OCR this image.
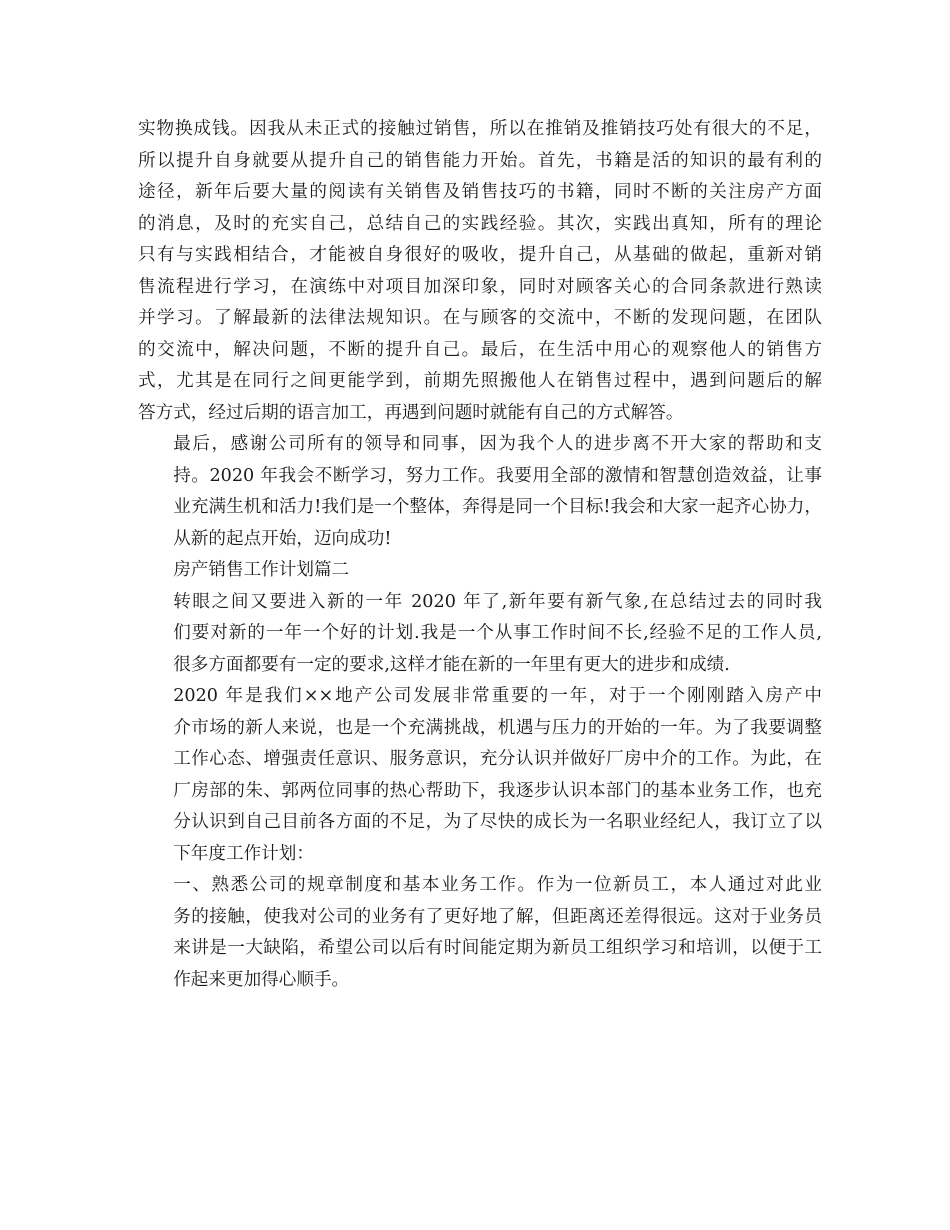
实物换成钱。因我从未正式的接触过销售，所以在推销及推销技巧处有很大的不足，
所以提升自身就要从提升自己的销售能力开始。首先，书籍是活的知识的最有利的
途径，新年后要大量的阅读有关销售及销售技巧的书籍，同时不断的关注房产方面
的消息，及时的充实自己，总结自己的实践经验。其次，实践出真知，所有的理论
只有与实践相结合，才能被自身很好的吸收，提升自己，从基础的做起，重新对销
售流程进行学习，在演练中对项目加深印象，同时对顾客关心的合同条款进行熟读
并学习。了解最新的法律法规知识。在与顾客的交流中，不断的发现问题，在团队
的交流中，解决问题，不断的提升自己。最后，在生活中用心的观察他人的销售方
式，尤其是在同行之间更能学到，前期先照搬他人在销售过程中，遇到问题后的解
答方式，经过后期的语言加工，再遇到问题时就能有自己的方式解答。
最后，感谢公司所有的领导和同事，因为我个人的进步离不开大家的帮助和支
持。2020 年我会不断学习，努力工作。我要用全部的激情和智慧创造效益，让事
业充满生机和活力!我们是一个整体，奔得是同一个目标!我会和大家一起齐心协力，
从新的起点开始，迈向成功!
房产销售工作计划篇二
转眼之间又要进入新的一年 2020 年了,新年要有新气象,在总结过去的同时我
们要对新的一年一个好的计划.我是一个从事工作时间不长,经验不足的工作人员,
很多方面都要有一定的要求,这样才能在新的一年里有更大的进步和成绩.
2020 年是我们××地产公司发展非常重要的一年，对于一个刚刚踏入房产中
介市场的新人来说，也是一个充满挑战，机遇与压力的开始的一年。为了我要调整
工作心态、增强责任意识、服务意识，充分认识并做好厂房中介的工作。为此，在
厂房部的朱、郭两位同事的热心帮助下，我逐步认识本部门的基本业务工作，也充
分认识到自己目前各方面的不足，为了尽快的成长为一名职业经纪人，我订立了以
下年度工作计划：
一、熟悉公司的规章制度和基本业务工作。作为一位新员工，本人通过对此业
务的接触，使我对公司的业务有了更好地了解，但距离还差得很远。这对于业务员
来讲是一大缺陷，希望公司以后有时间能定期为新员工组织学习和培训，以便于工
作起来更加得心顺手。
